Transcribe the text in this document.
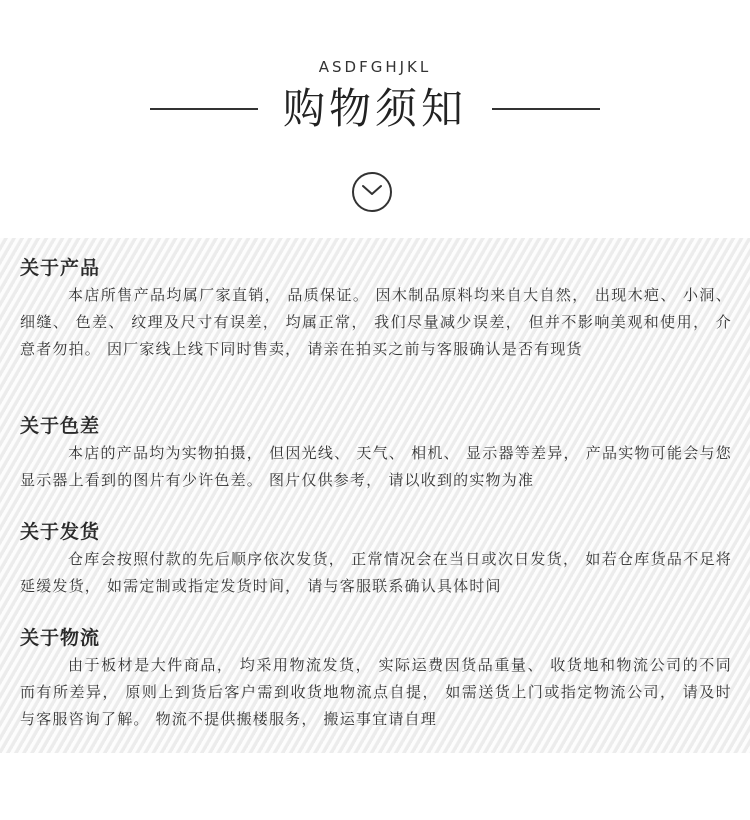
ASDFGHJKL
购物须知
关于产品

本店所售产品均属厂家直销， 品质保证。 因木制品原料均来自大自然， 出现木疤、 小洞、 细缝、 色差、 纹理及尺寸有误差， 均属正常， 我们尽量减少误差， 但并不影响美观和使用， 介意者勿拍。 因厂家线上线下同时售卖， 请亲在拍买之前与客服确认是否有现货

关于色差

本店的产品均为实物拍摄， 但因光线、 天气、 相机、 显示器等差异， 产品实物可能会与您显示器上看到的图片有少许色差。 图片仅供参考， 请以收到的实物为准

关于发货

仓库会按照付款的先后顺序依次发货， 正常情况会在当日或次日发货， 如若仓库货品不足将延缓发货， 如需定制或指定发货时间， 请与客服联系确认具体时间

关于物流

由于板材是大件商品， 均采用物流发货， 实际运费因货品重量、 收货地和物流公司的不同而有所差异， 原则上到货后客户需到收货地物流点自提， 如需送货上门或指定物流公司， 请及时与客服咨询了解。 物流不提供搬楼服务， 搬运事宜请自理
